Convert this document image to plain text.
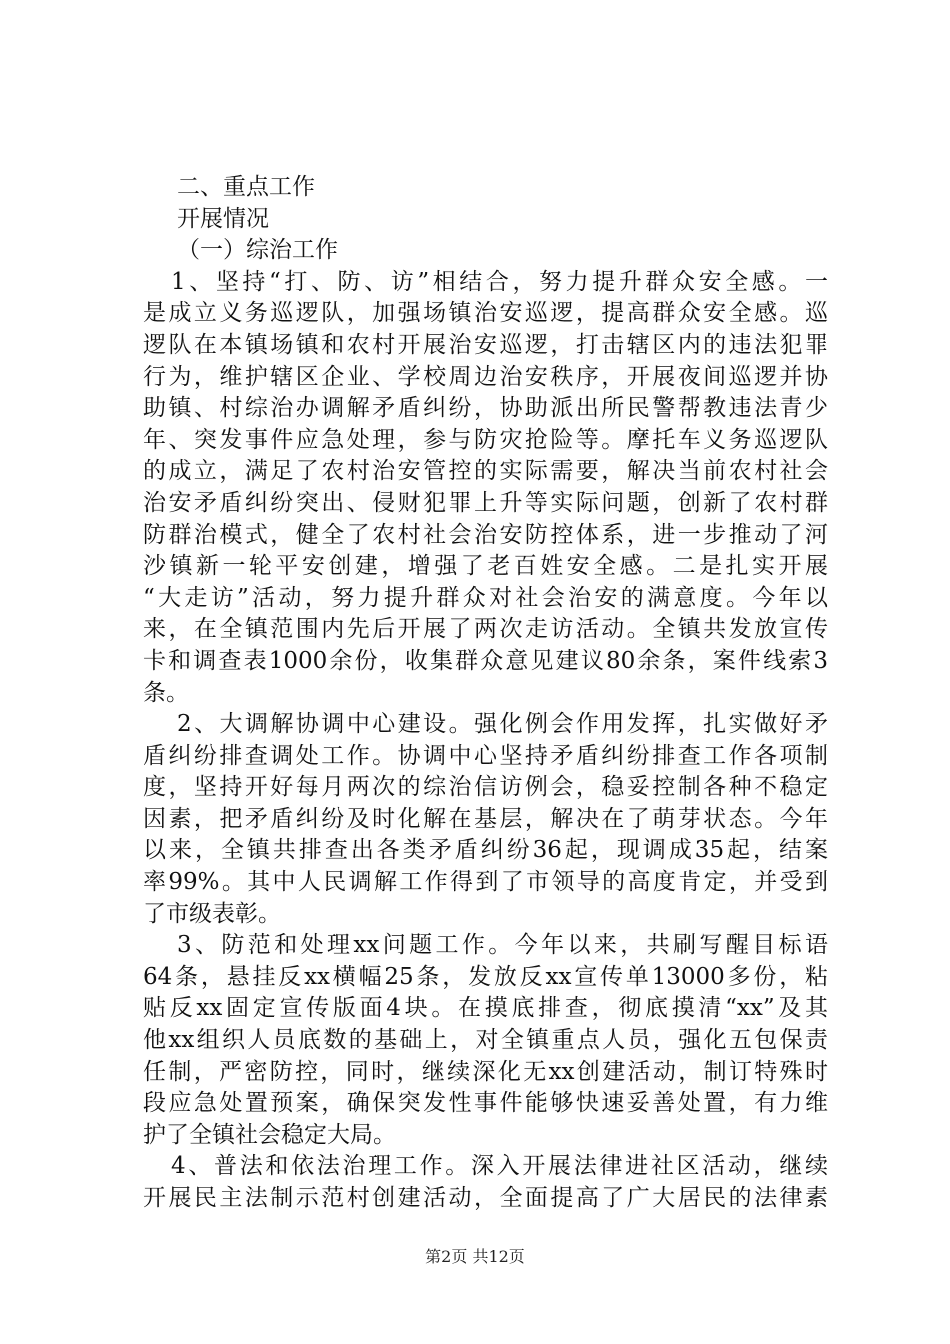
二、重点工作
开展情况
（一）综治工作
1、坚持“打、防、访”相结合，努力提升群众安全感。一
是成立义务巡逻队，加强场镇治安巡逻，提高群众安全感。巡
逻队在本镇场镇和农村开展治安巡逻，打击辖区内的违法犯罪
行为，维护辖区企业、学校周边治安秩序，开展夜间巡逻并协
助镇、村综治办调解矛盾纠纷，协助派出所民警帮教违法青少
年、突发事件应急处理，参与防灾抢险等。摩托车义务巡逻队
的成立，满足了农村治安管控的实际需要，解决当前农村社会
治安矛盾纠纷突出、侵财犯罪上升等实际问题，创新了农村群
防群治模式，健全了农村社会治安防控体系，进一步推动了河
沙镇新一轮平安创建，增强了老百姓安全感。二是扎实开展
“大走访”活动，努力提升群众对社会治安的满意度。今年以
来，在全镇范围内先后开展了两次走访活动。全镇共发放宣传
卡和调查表1000余份，收集群众意见建议80余条，案件线索3
条。
2、大调解协调中心建设。强化例会作用发挥，扎实做好矛
盾纠纷排查调处工作。协调中心坚持矛盾纠纷排查工作各项制
度，坚持开好每月两次的综治信访例会，稳妥控制各种不稳定
因素，把矛盾纠纷及时化解在基层，解决在了萌芽状态。今年
以来，全镇共排查出各类矛盾纠纷36起，现调成35起，结案
率99%。其中人民调解工作得到了市领导的高度肯定，并受到
了市级表彰。
3、防范和处理xx问题工作。今年以来，共刷写醒目标语
64条，悬挂反xx横幅25条，发放反xx宣传单13000多份，粘
贴反xx固定宣传版面4块。在摸底排查，彻底摸清“xx”及其
他xx组织人员底数的基础上，对全镇重点人员，强化五包保责
任制，严密防控，同时，继续深化无xx创建活动，制订特殊时
段应急处置预案，确保突发性事件能够快速妥善处置，有力维
护了全镇社会稳定大局。
4、普法和依法治理工作。深入开展法律进社区活动，继续
开展民主法制示范村创建活动，全面提高了广大居民的法律素
第2页 共12页
